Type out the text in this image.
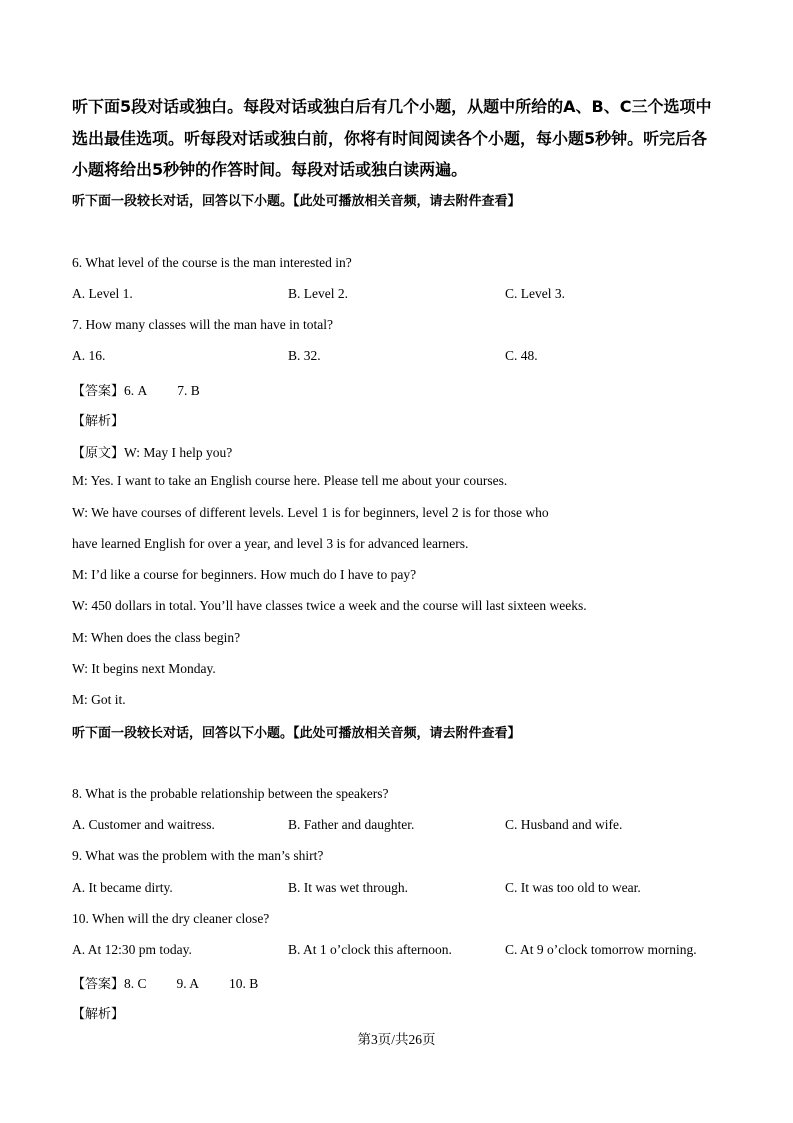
听下面5段对话或独白。每段对话或独白后有几个小题，从题中所给的A、B、C三个选项中
选出最佳选项。听每段对话或独白前，你将有时间阅读各个小题，每小题5秒钟。听完后各
小题将给出5秒钟的作答时间。每段对话或独白读两遍。
听下面一段较长对话，回答以下小题。【此处可播放相关音频，请去附件查看】
6. What level of the course is the man interested in?
A. Level 1.	B. Level 2.	C. Level 3.
7. How many classes will the man have in total?
A. 16.	B. 32.	C. 48.
【答案】6. A 7. B
【解析】
【原文】W: May I help you?
M: Yes. I want to take an English course here. Please tell me about your courses.
W: We have courses of different levels. Level 1 is for beginners, level 2 is for those who
have learned English for over a year, and level 3 is for advanced learners.
M: I’d like a course for beginners. How much do I have to pay?
W: 450 dollars in total. You’ll have classes twice a week and the course will last sixteen weeks.
M: When does the class begin?
W: It begins next Monday.
M: Got it.
听下面一段较长对话，回答以下小题。【此处可播放相关音频，请去附件查看】
8. What is the probable relationship between the speakers?
A. Customer and waitress.	B. Father and daughter.	C. Husband and wife.
9. What was the problem with the man’s shirt?
A. It became dirty.	B. It was wet through.	C. It was too old to wear.
10. When will the dry cleaner close?
A. At 12:30 pm today.	B. At 1 o’clock this afternoon.	C. At 9 o’clock tomorrow morning.
【答案】8. C 9. A 10. B
【解析】
第3页/共26页
